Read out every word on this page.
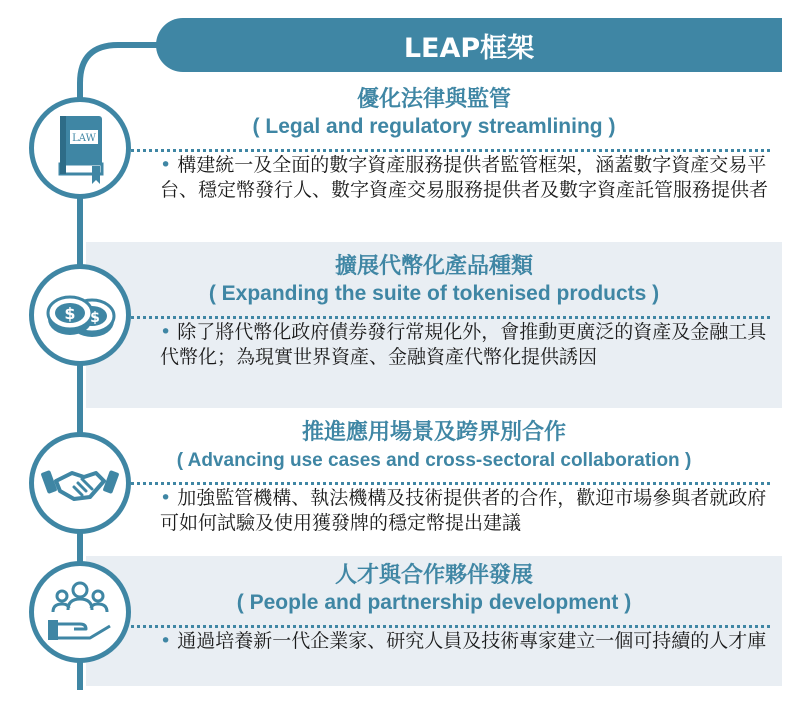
LEAP框架
優化法律與監管
( Legal and regulatory streamlining )
• 構建統一及全面的數字資產服務提供者監管框架，涵蓋數字資產交易平台、穩定幣發行人、數字資產交易服務提供者及數字資產託管服務提供者
擴展代幣化產品種類
( Expanding the suite of tokenised products )
• 除了將代幣化政府債券發行常規化外，會推動更廣泛的資產及金融工具代幣化；為現實世界資產、金融資產代幣化提供誘因
推進應用場景及跨界別合作
( Advancing use cases and cross-sectoral collaboration )
• 加強監管機構、執法機構及技術提供者的合作，歡迎市場參與者就政府可如何試驗及使用獲發牌的穩定幣提出建議
人才與合作夥伴發展
( People and partnership development )
• 通過培養新一代企業家、研究人員及技術專家建立一個可持續的人才庫
LAW
$ $
